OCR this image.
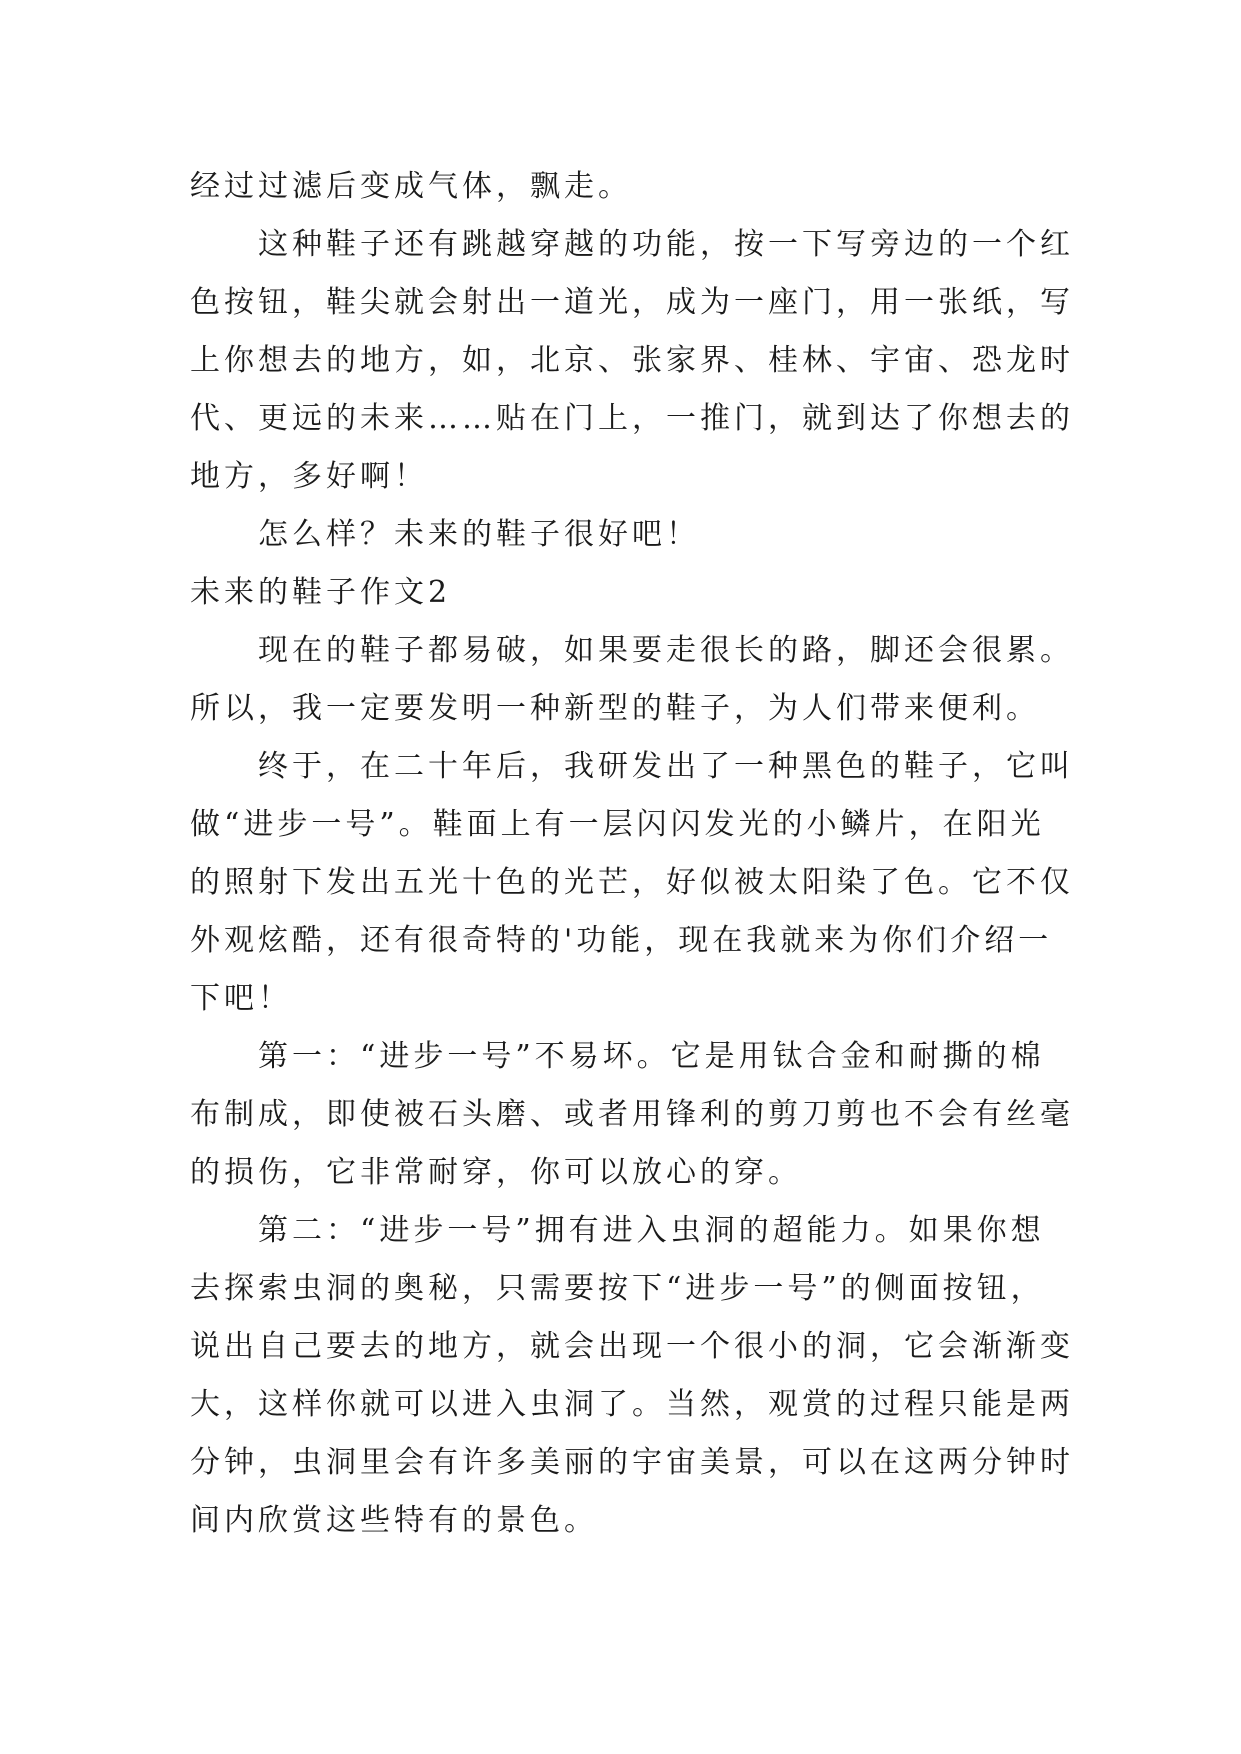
经过过滤后变成气体，飘走。
这种鞋子还有跳越穿越的功能，按一下写旁边的一个红
色按钮，鞋尖就会射出一道光，成为一座门，用一张纸，写
上你想去的地方，如，北京、张家界、桂林、宇宙、恐龙时
代、更远的未来……贴在门上，一推门，就到达了你想去的
地方，多好啊！
怎么样？未来的鞋子很好吧！
未来的鞋子作文2
现在的鞋子都易破，如果要走很长的路，脚还会很累。
所以，我一定要发明一种新型的鞋子，为人们带来便利。
终于，在二十年后，我研发出了一种黑色的鞋子，它叫
做“进步一号”。鞋面上有一层闪闪发光的小鳞片，在阳光
的照射下发出五光十色的光芒，好似被太阳染了色。它不仅
外观炫酷，还有很奇特的'功能，现在我就来为你们介绍一
下吧！
第一：“进步一号”不易坏。它是用钛合金和耐撕的棉
布制成，即使被石头磨、或者用锋利的剪刀剪也不会有丝毫
的损伤，它非常耐穿，你可以放心的穿。
第二：“进步一号”拥有进入虫洞的超能力。如果你想
去探索虫洞的奥秘，只需要按下“进步一号”的侧面按钮，
说出自己要去的地方，就会出现一个很小的洞，它会渐渐变
大，这样你就可以进入虫洞了。当然，观赏的过程只能是两
分钟，虫洞里会有许多美丽的宇宙美景，可以在这两分钟时
间内欣赏这些特有的景色。
